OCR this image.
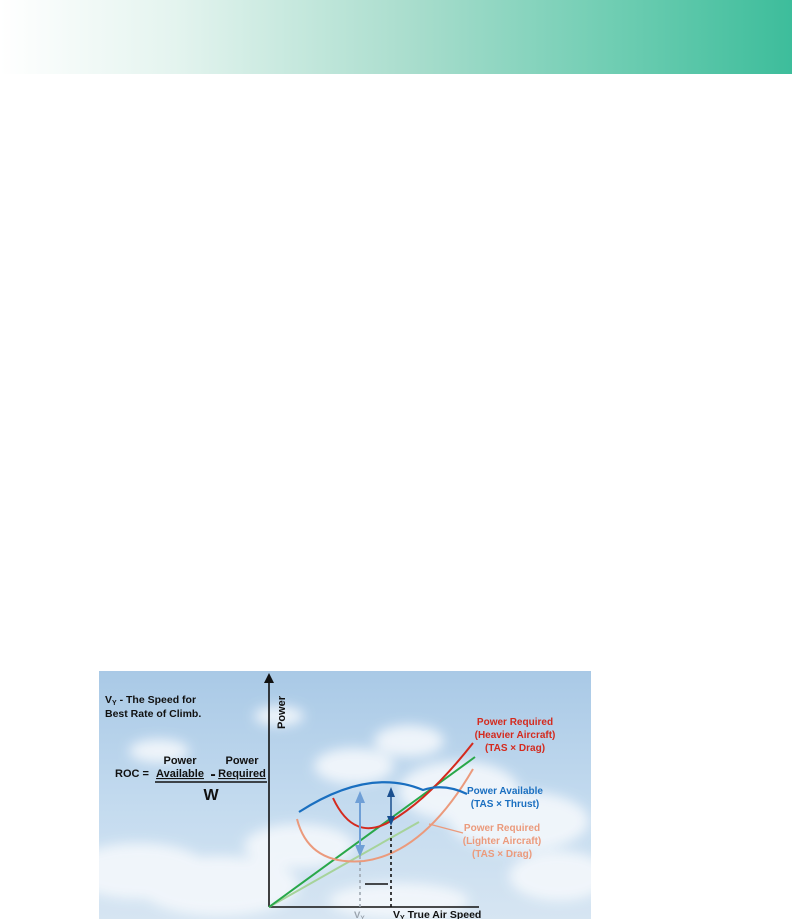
Power
VY - The Speed for
Best Rate of Climb.
ROC =
Power
Available -
Power
Required
W
Power Required
(Heavier Aircraft)
(TAS × Drag)
Power Available
(TAS × Thrust)
Power Required
(Lighter Aircraft)
(TAS × Drag)
$V_Y$	VY True Air Speed
